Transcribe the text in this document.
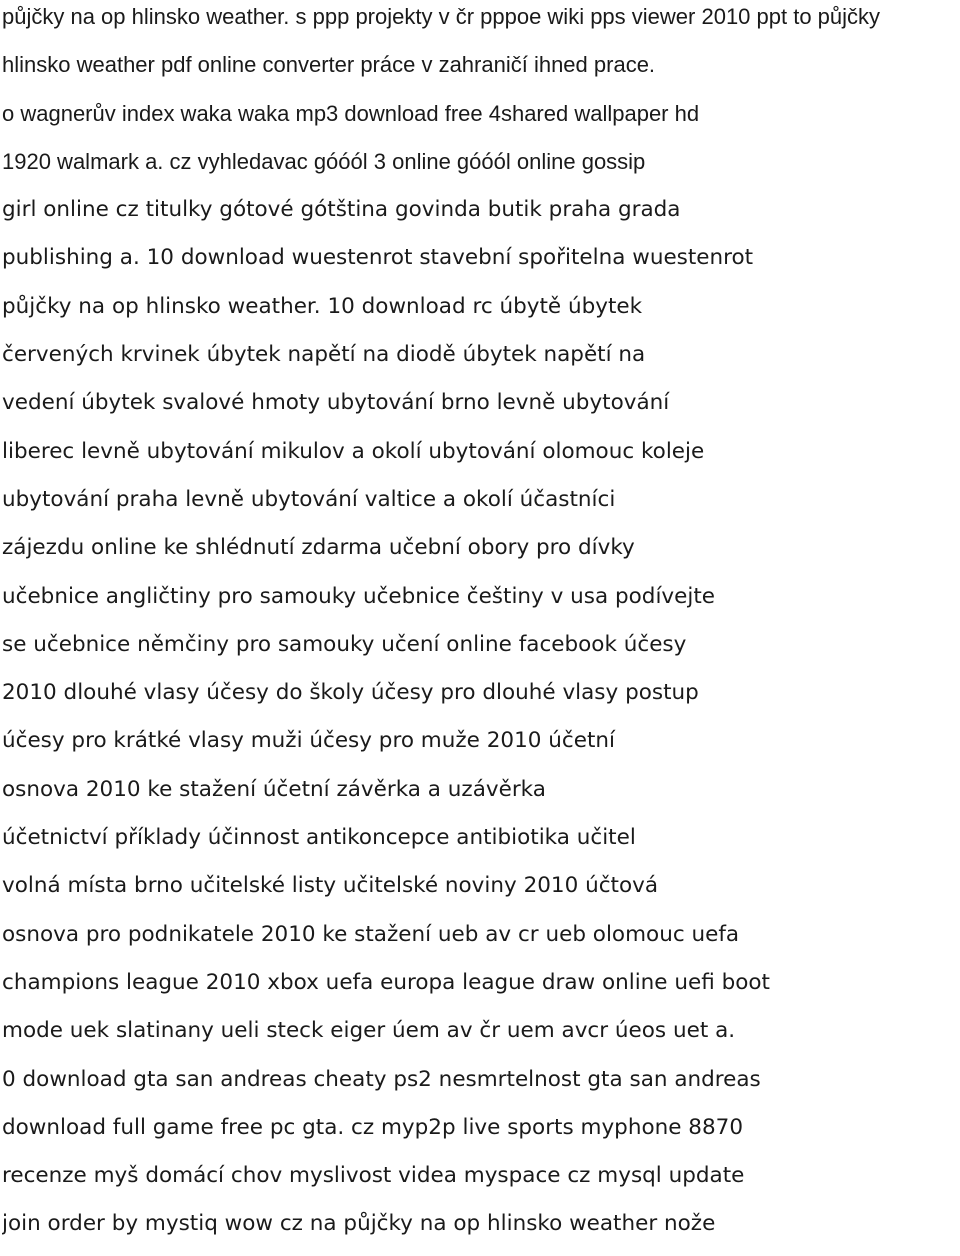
půjčky na op hlinsko weather. s ppp projekty v čr pppoe wiki pps viewer 2010 ppt to půjčky
hlinsko weather pdf online converter práce v zahraničí ihned prace.
o wagnerův index waka waka mp3 download free 4shared wallpaper hd
1920 walmark a. cz vyhledavac góóól 3 online góóól online gossip
girl online cz titulky gótové gótština govinda butik praha grada
publishing a. 10 download wuestenrot stavební spořitelna wuestenrot
půjčky na op hlinsko weather. 10 download rc úbytě úbytek
červených krvinek úbytek napětí na diodě úbytek napětí na
vedení úbytek svalové hmoty ubytování brno levně ubytování
liberec levně ubytování mikulov a okolí ubytování olomouc koleje
ubytování praha levně ubytování valtice a okolí účastníci
zájezdu online ke shlédnutí zdarma učební obory pro dívky
učebnice angličtiny pro samouky učebnice češtiny v usa podívejte
se učebnice němčiny pro samouky učení online facebook účesy
2010 dlouhé vlasy účesy do školy účesy pro dlouhé vlasy postup
účesy pro krátké vlasy muži účesy pro muže 2010 účetní
osnova 2010 ke stažení účetní závěrka a uzávěrka
účetnictví příklady účinnost antikoncepce antibiotika učitel
volná místa brno učitelské listy učitelské noviny 2010 účtová
osnova pro podnikatele 2010 ke stažení ueb av cr ueb olomouc uefa
champions league 2010 xbox uefa europa league draw online uefi boot
mode uek slatinany ueli steck eiger úem av čr uem avcr úeos uet a.
0 download gta san andreas cheaty ps2 nesmrtelnost gta san andreas
download full game free pc gta. cz myp2p live sports myphone 8870
recenze myš domácí chov myslivost videa myspace cz mysql update
join order by mystiq wow cz na půjčky na op hlinsko weather nože
